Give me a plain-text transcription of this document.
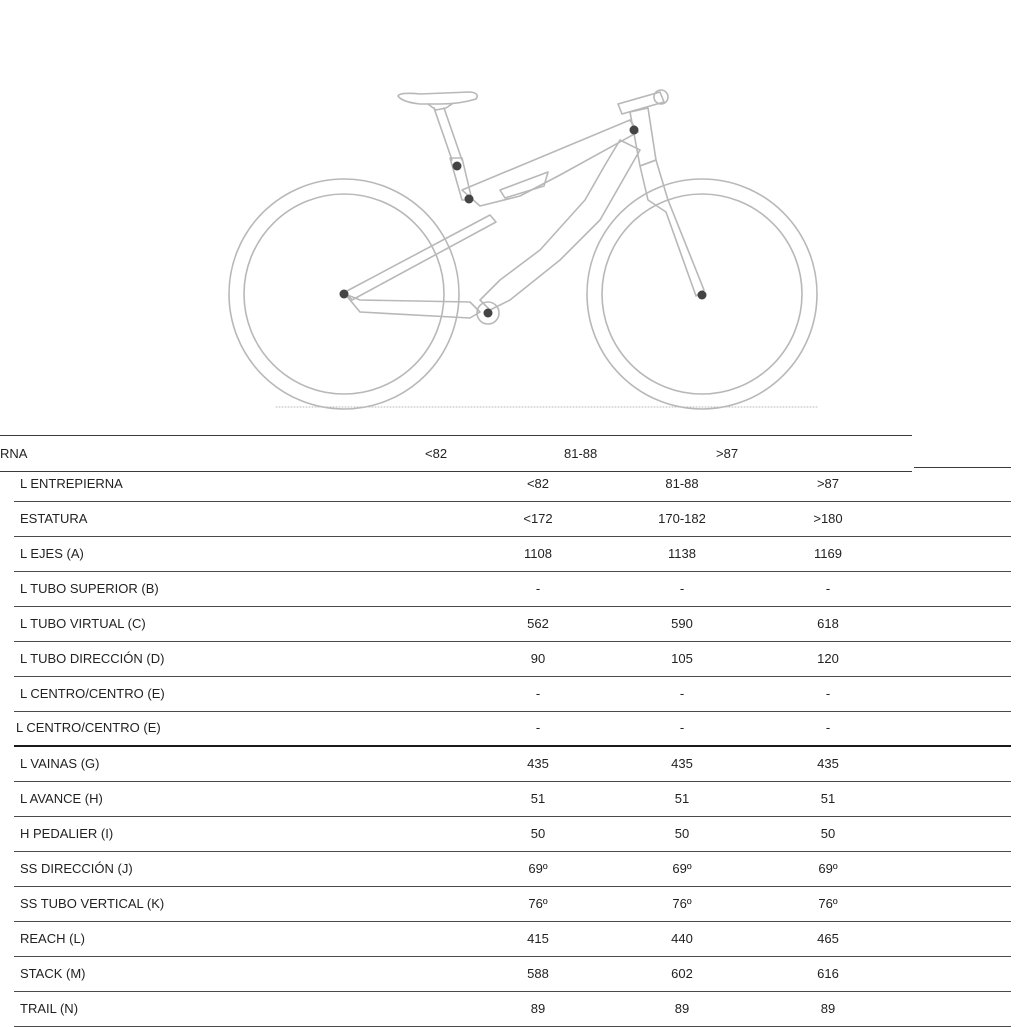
RNA	<82	81-88	>87
L ENTREPIERNA	<82	81-88	>87
ESTATURA	<172	170-182	>180
L EJES (A)	1108	1138	1169
L TUBO SUPERIOR (B)	-	-	-
L TUBO VIRTUAL (C)	562	590	618
L TUBO DIRECCIÓN (D)	90	105	120
L CENTRO/CENTRO (E)	-	-	-
L CENTRO/CENTRO (E)	-	-	-
L VAINAS (G)	435	435	435
L AVANCE (H)	51	51	51
H PEDALIER (I)	50	50	50
SS DIRECCIÓN (J)	69º	69º	69º
SS TUBO VERTICAL (K)	76º	76º	76º
REACH (L)	415	440	465
STACK (M)	588	602	616
TRAIL (N)	89	89	89
